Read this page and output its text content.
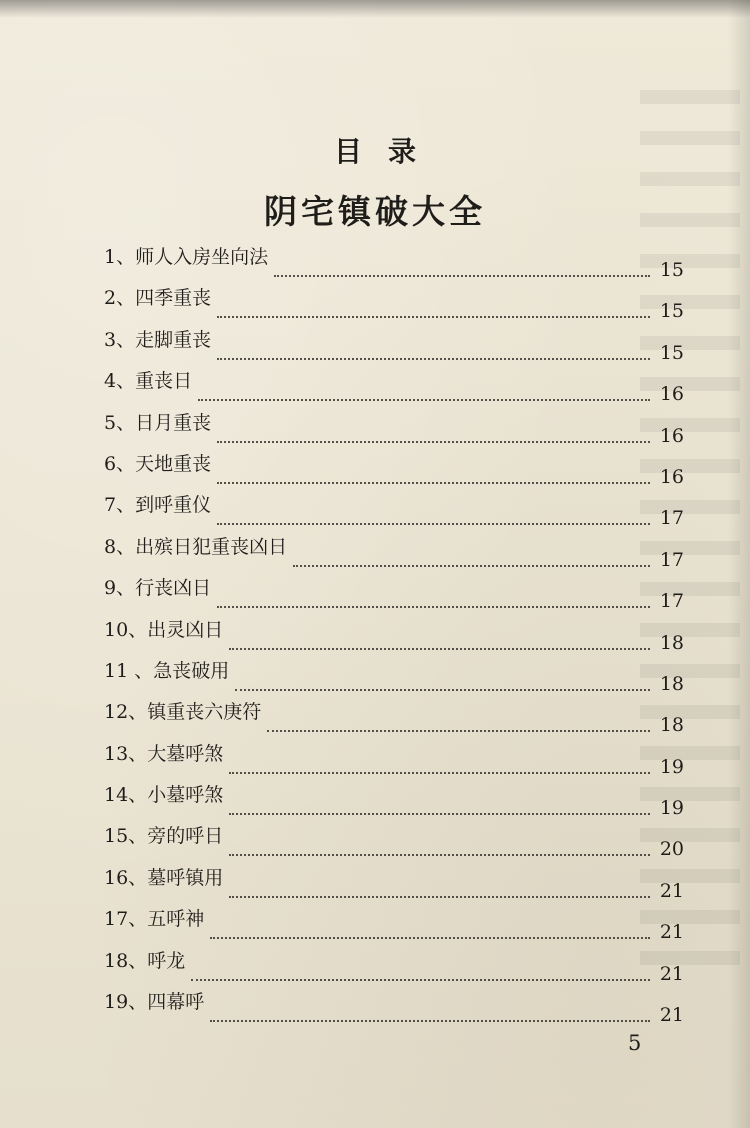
目录
阴宅镇破大全
1、 师人入房坐向法
15
2、 四季重丧
15
3、 走脚重丧
15
4、 重丧日
16
5、 日月重丧
16
6、 天地重丧
16
7、 到呼重仪
17
8、 出殡日犯重丧凶日
17
9、 行丧凶日
17
10、 出灵凶日
18
11 、 急丧破用
18
12、 镇重丧六庚符
18
13、 大墓呼煞
19
14、 小墓呼煞
19
15、 旁的呼日
20
16、 墓呼镇用
21
17、 五呼神
21
18、 呼龙
21
19、 四幕呼
21
5
